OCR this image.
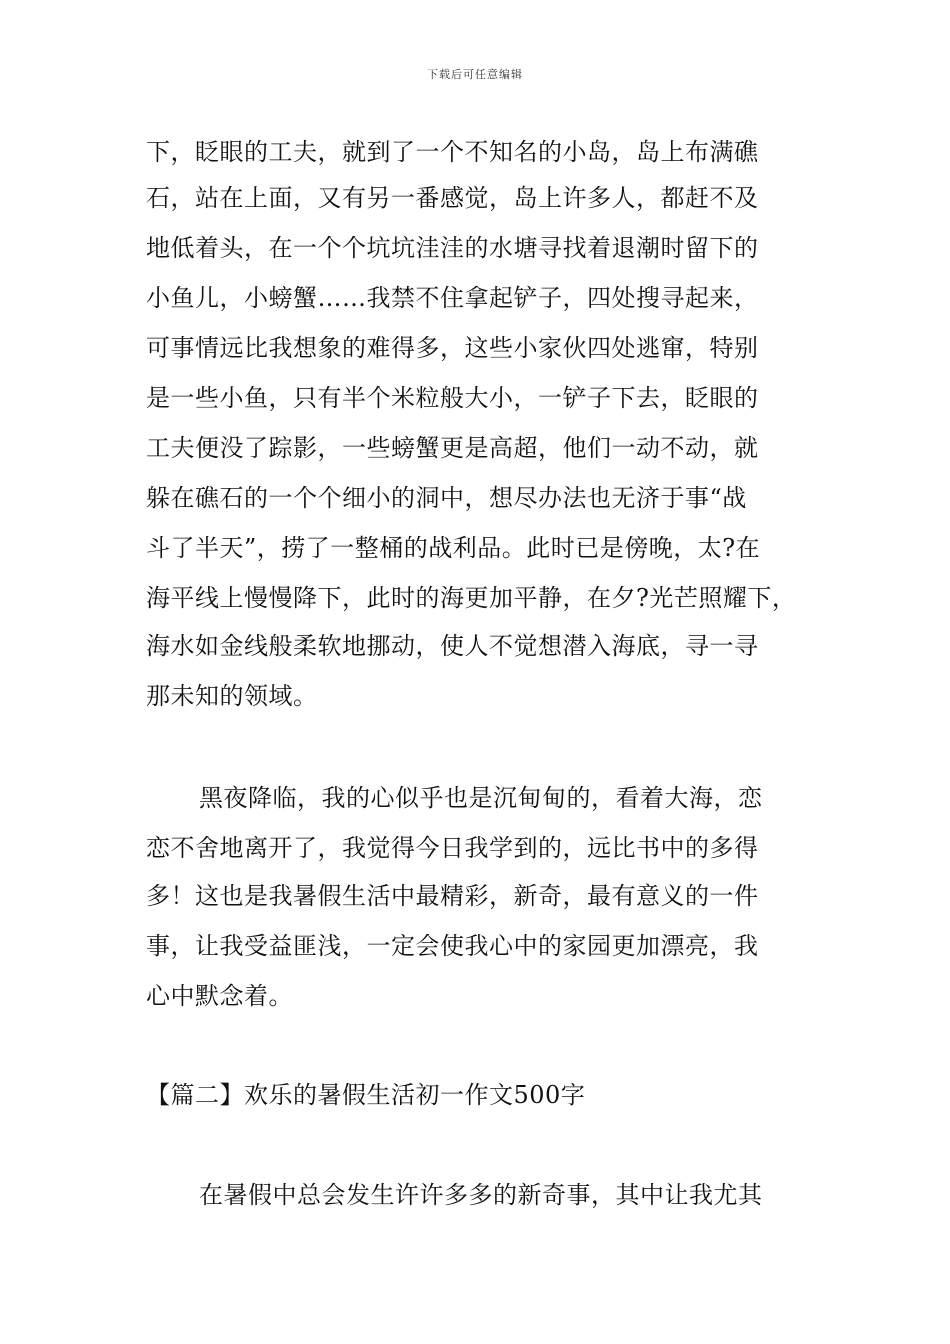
下载后可任意编辑
下，眨眼的工夫，就到了一个不知名的小岛，岛上布满礁
石，站在上面，又有另一番感觉，岛上许多人，都赶不及
地低着头，在一个个坑坑洼洼的水塘寻找着退潮时留下的
小鱼儿，小螃蟹……我禁不住拿起铲子，四处搜寻起来，
可事情远比我想象的难得多，这些小家伙四处逃窜，特别
是一些小鱼，只有半个米粒般大小，一铲子下去，眨眼的
工夫便没了踪影，一些螃蟹更是高超，他们一动不动，就
躲在礁石的一个个细小的洞中，想尽办法也无济于事“战
斗了半天”，捞了一整桶的战利品。此时已是傍晚，太?在
海平线上慢慢降下，此时的海更加平静，在夕?光芒照耀下，
海水如金线般柔软地挪动，使人不觉想潜入海底，寻一寻
那未知的领域。
黑夜降临，我的心似乎也是沉甸甸的，看着大海，恋
恋不舍地离开了，我觉得今日我学到的，远比书中的多得
多！这也是我暑假生活中最精彩，新奇，最有意义的一件
事，让我受益匪浅，一定会使我心中的家园更加漂亮，我
心中默念着。
【篇二】欢乐的暑假生活初一作文500字
在暑假中总会发生许许多多的新奇事，其中让我尤其
